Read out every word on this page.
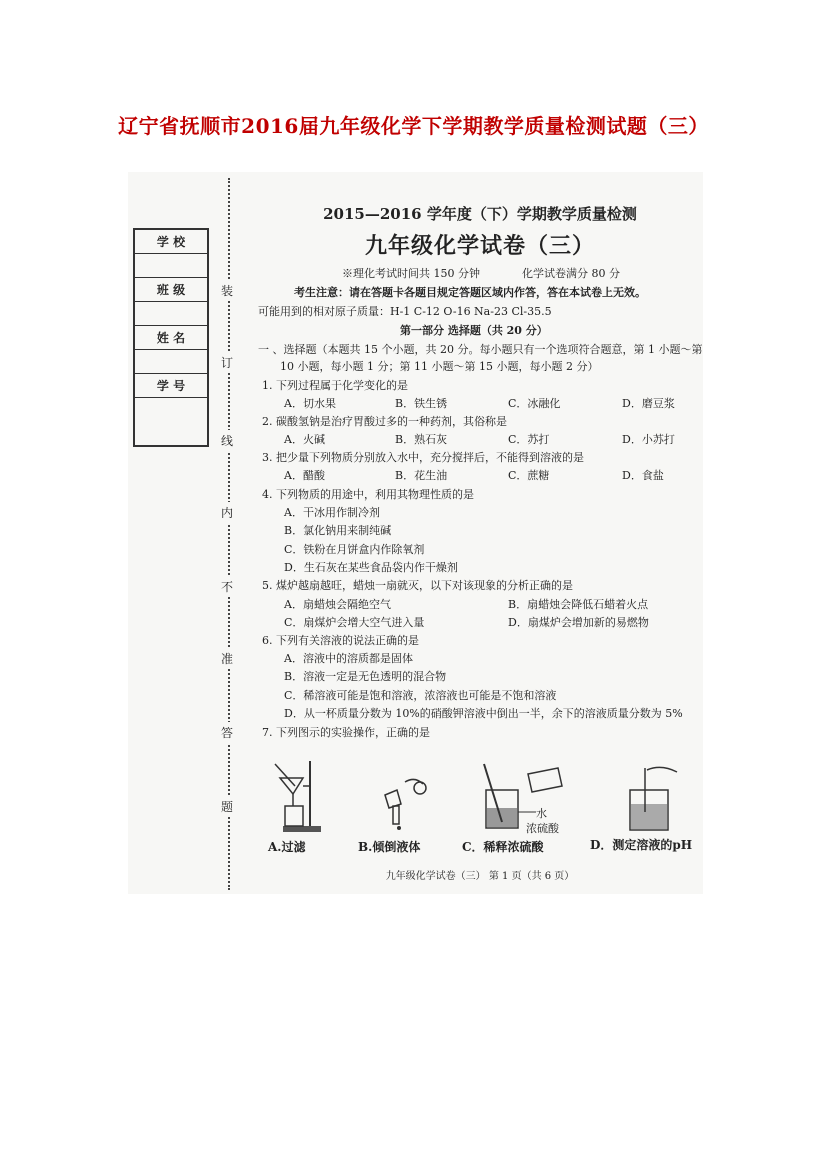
辽宁省抚顺市2016届九年级化学下学期教学质量检测试题（三）
学 校

班 级

姓 名

学 号

装
订
线
内
不
准
答
题
2015—2016 学年度（下）学期教学质量检测
九年级化学试卷（三）
※理化考试时间共 150 分钟	化学试卷满分 80 分
考生注意：请在答题卡各题目规定答题区域内作答，答在本试卷上无效。
可能用到的相对原子质量：H-1 C-12 O-16 Na-23 Cl-35.5
第一部分 选择题（共 20 分）
一 、选择题（本题共 15 个小题，共 20 分。每小题只有一个选项符合题意，第 1 小题～第
10 小题，每小题 1 分；第 11 小题～第 15 小题，每小题 2 分）
1. 下列过程属于化学变化的是
A．切水果	B．铁生锈	C．冰融化	D．磨豆浆
2. 碳酸氢钠是治疗胃酸过多的一种药剂，其俗称是
A．火碱	B．熟石灰	C．苏打	D．小苏打
3. 把少量下列物质分别放入水中，充分搅拌后，不能得到溶液的是
A．醋酸	B．花生油	C．蔗糖	D．食盐
4. 下列物质的用途中，利用其物理性质的是
A．干冰用作制冷剂
B．氯化钠用来制纯碱
C．铁粉在月饼盒内作除氧剂
D．生石灰在某些食品袋内作干燥剂
5. 煤炉越扇越旺，蜡烛一扇就灭，以下对该现象的分析正确的是
A．扇蜡烛会隔绝空气	B．扇蜡烛会降低石蜡着火点
C．扇煤炉会增大空气进入量	D．扇煤炉会增加新的易燃物
6. 下列有关溶液的说法正确的是
A．溶液中的溶质都是固体
B．溶液一定是无色透明的混合物
C．稀溶液可能是饱和溶液，浓溶液也可能是不饱和溶液
D．从一杯质量分数为 10%的硝酸钾溶液中倒出一半，余下的溶液质量分数为 5%
7. 下列图示的实验操作，正确的是
水
浓硫酸
A.过滤	B.倾倒液体	C．稀释浓硫酸	D．测定溶液的pH
九年级化学试卷（三） 第 1 页（共 6 页）
